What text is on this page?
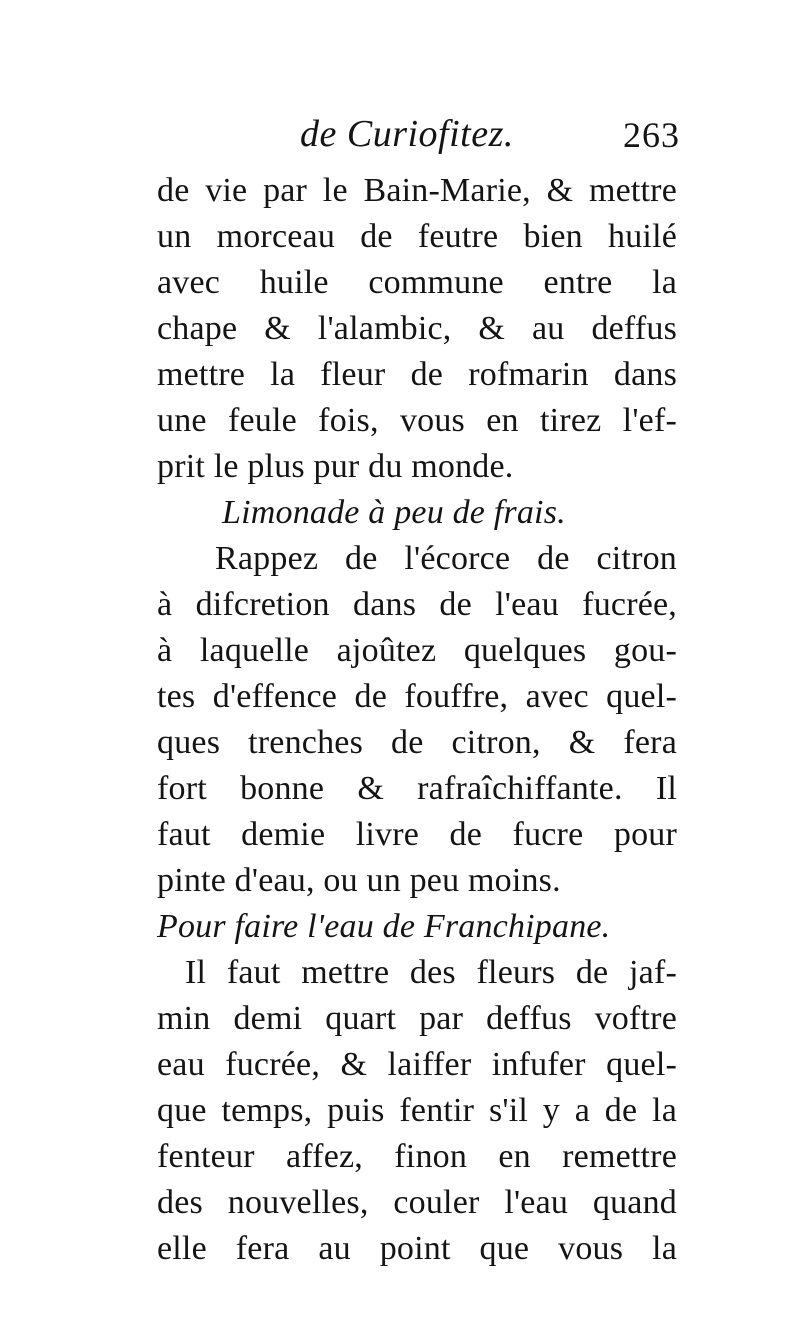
de Curiofitez.	263
de vie par le Bain-Marie, & mettre
un morceau de feutre bien huilé
avec huile commune entre la
chape & l'alambic, & au deffus
mettre la fleur de rofmarin dans
une feule fois, vous en tirez l'ef-
prit le plus pur du monde.
Limonade à peu de frais.
Rappez de l'écorce de citron
à difcretion dans de l'eau fucrée,
à laquelle ajoûtez quelques gou-
tes d'effence de fouffre, avec quel-
ques trenches de citron, & fera
fort bonne & rafraîchiffante. Il
faut demie livre de fucre pour
pinte d'eau, ou un peu moins.
Pour faire l'eau de Franchipane.
Il faut mettre des fleurs de jaf-
min demi quart par deffus voftre
eau fucrée, & laiffer infufer quel-
que temps, puis fentir s'il y a de la
fenteur affez, finon en remettre
des nouvelles, couler l'eau quand
elle fera au point que vous la
